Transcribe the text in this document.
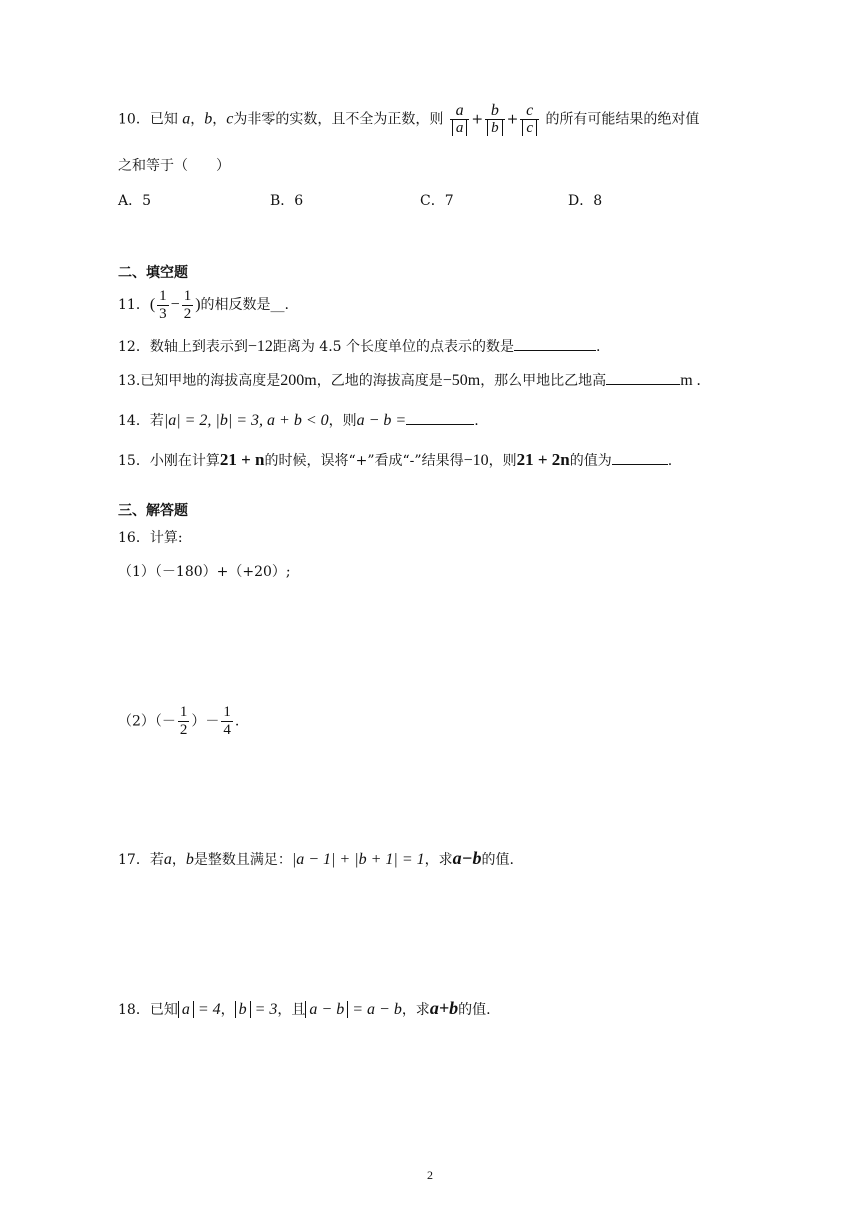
10．已知 a，b，c为非零的实数，且不全为正数，则 $\frac{a}{a} + \frac{b}{b} + \frac{c}{c}$ 的所有可能结果的绝对值
之和等于（　　）
A．5	B．6	C．7	D．8
二、填空题
11．( $\frac{1}{3} - \frac{1}{2}$ )的相反数是__.
12．数轴上到表示到−12距离为 4.5 个长度单位的点表示的数是	.
13.已知甲地的海拔高度是200m，乙地的海拔高度是−50m，那么甲地比乙地高	m .
14．若|a| = 2, |b| = 3, a + b < 0，则a − b =	.
15．小刚在计算21 + n的时候，误将“+”看成“-”结果得−10，则21 + 2n的值为	.
三、解答题
16．计算:
（1）（－180）+（+20）;
$(2)(- \frac{1}{2}$ ）－ $\frac{1}{4}$ .
17．若a，b是整数且满足：|a − 1| + |b + 1| = 1，求a−b的值.
18．已知 a = 4， b = 3，且 a − b = a − b，求a+b的值.
2
